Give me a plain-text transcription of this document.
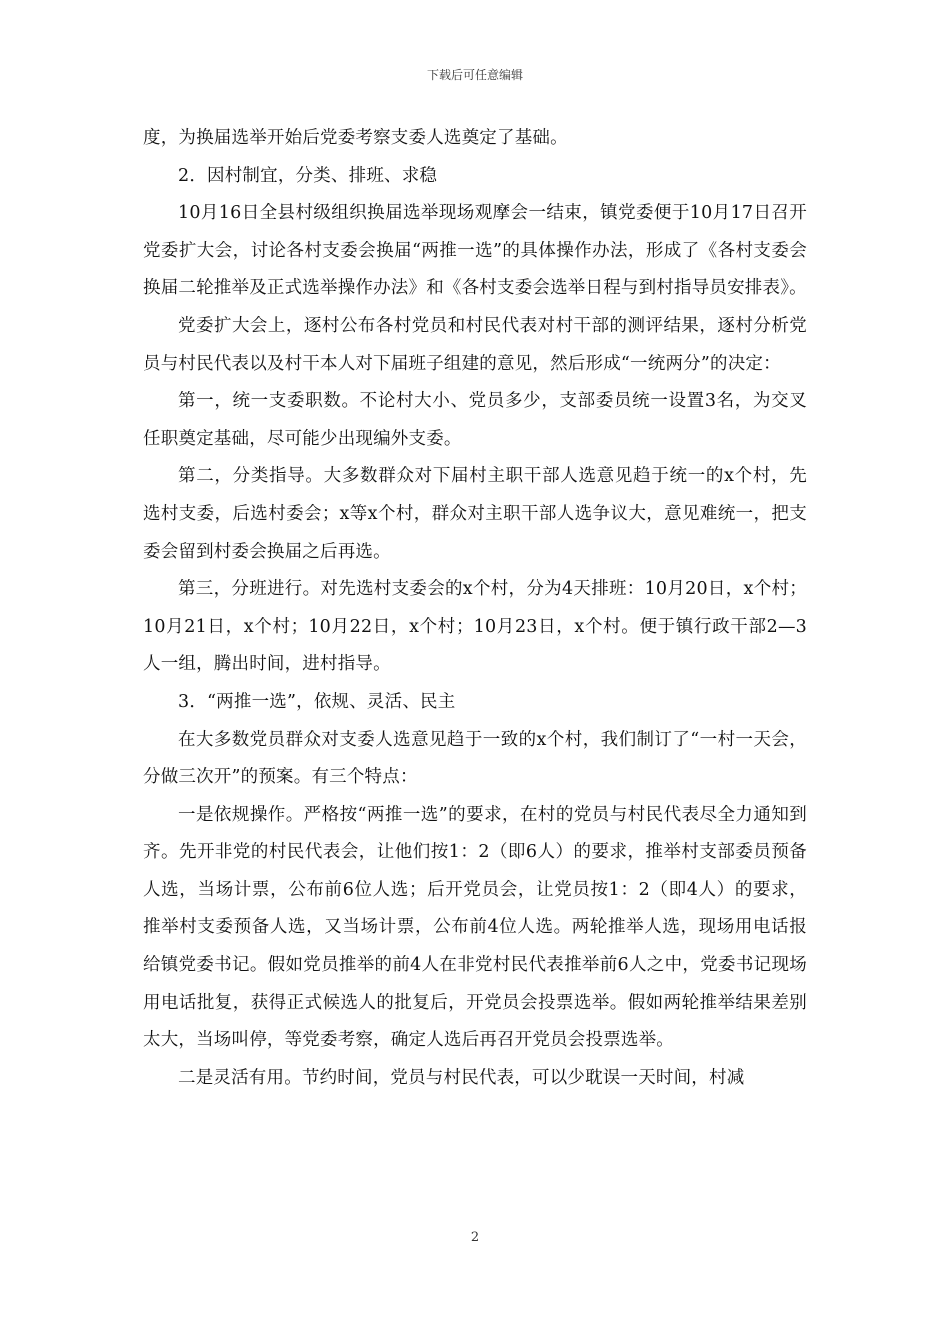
下载后可任意编辑

度，为换届选举开始后党委考察支委人选奠定了基础。

2．因村制宜，分类、排班、求稳

10月16日全县村级组织换届选举现场观摩会一结束，镇党委便于10月17日召开党委扩大会，讨论各村支委会换届“两推一选”的具体操作办法，形成了《各村支委会换届二轮推举及正式选举操作办法》和《各村支委会选举日程与到村指导员安排表》。

党委扩大会上，逐村公布各村党员和村民代表对村干部的测评结果，逐村分析党员与村民代表以及村干本人对下届班子组建的意见，然后形成“一统两分”的决定：

第一，统一支委职数。不论村大小、党员多少，支部委员统一设置3名，为交叉任职奠定基础，尽可能少出现编外支委。

第二，分类指导。大多数群众对下届村主职干部人选意见趋于统一的x个村，先选村支委，后选村委会；x等x个村，群众对主职干部人选争议大，意见难统一，把支委会留到村委会换届之后再选。

第三，分班进行。对先选村支委会的x个村，分为4天排班：10月20日，x个村；10月21日，x个村；10月22日，x个村；10月23日，x个村。便于镇行政干部2—3人一组，腾出时间，进村指导。

3．“两推一选”，依规、灵活、民主

在大多数党员群众对支委人选意见趋于一致的x个村，我们制订了“一村一天会，分做三次开”的预案。有三个特点：

一是依规操作。严格按“两推一选”的要求，在村的党员与村民代表尽全力通知到齐。先开非党的村民代表会，让他们按1：2（即6人）的要求，推举村支部委员预备人选，当场计票，公布前6位人选；后开党员会，让党员按1：2（即4人）的要求，推举村支委预备人选，又当场计票，公布前4位人选。两轮推举人选，现场用电话报给镇党委书记。假如党员推举的前4人在非党村民代表推举前6人之中，党委书记现场用电话批复，获得正式候选人的批复后，开党员会投票选举。假如两轮推举结果差别太大，当场叫停，等党委考察，确定人选后再召开党员会投票选举。

二是灵活有用。节约时间，党员与村民代表，可以少耽误一天时间，村减

2
